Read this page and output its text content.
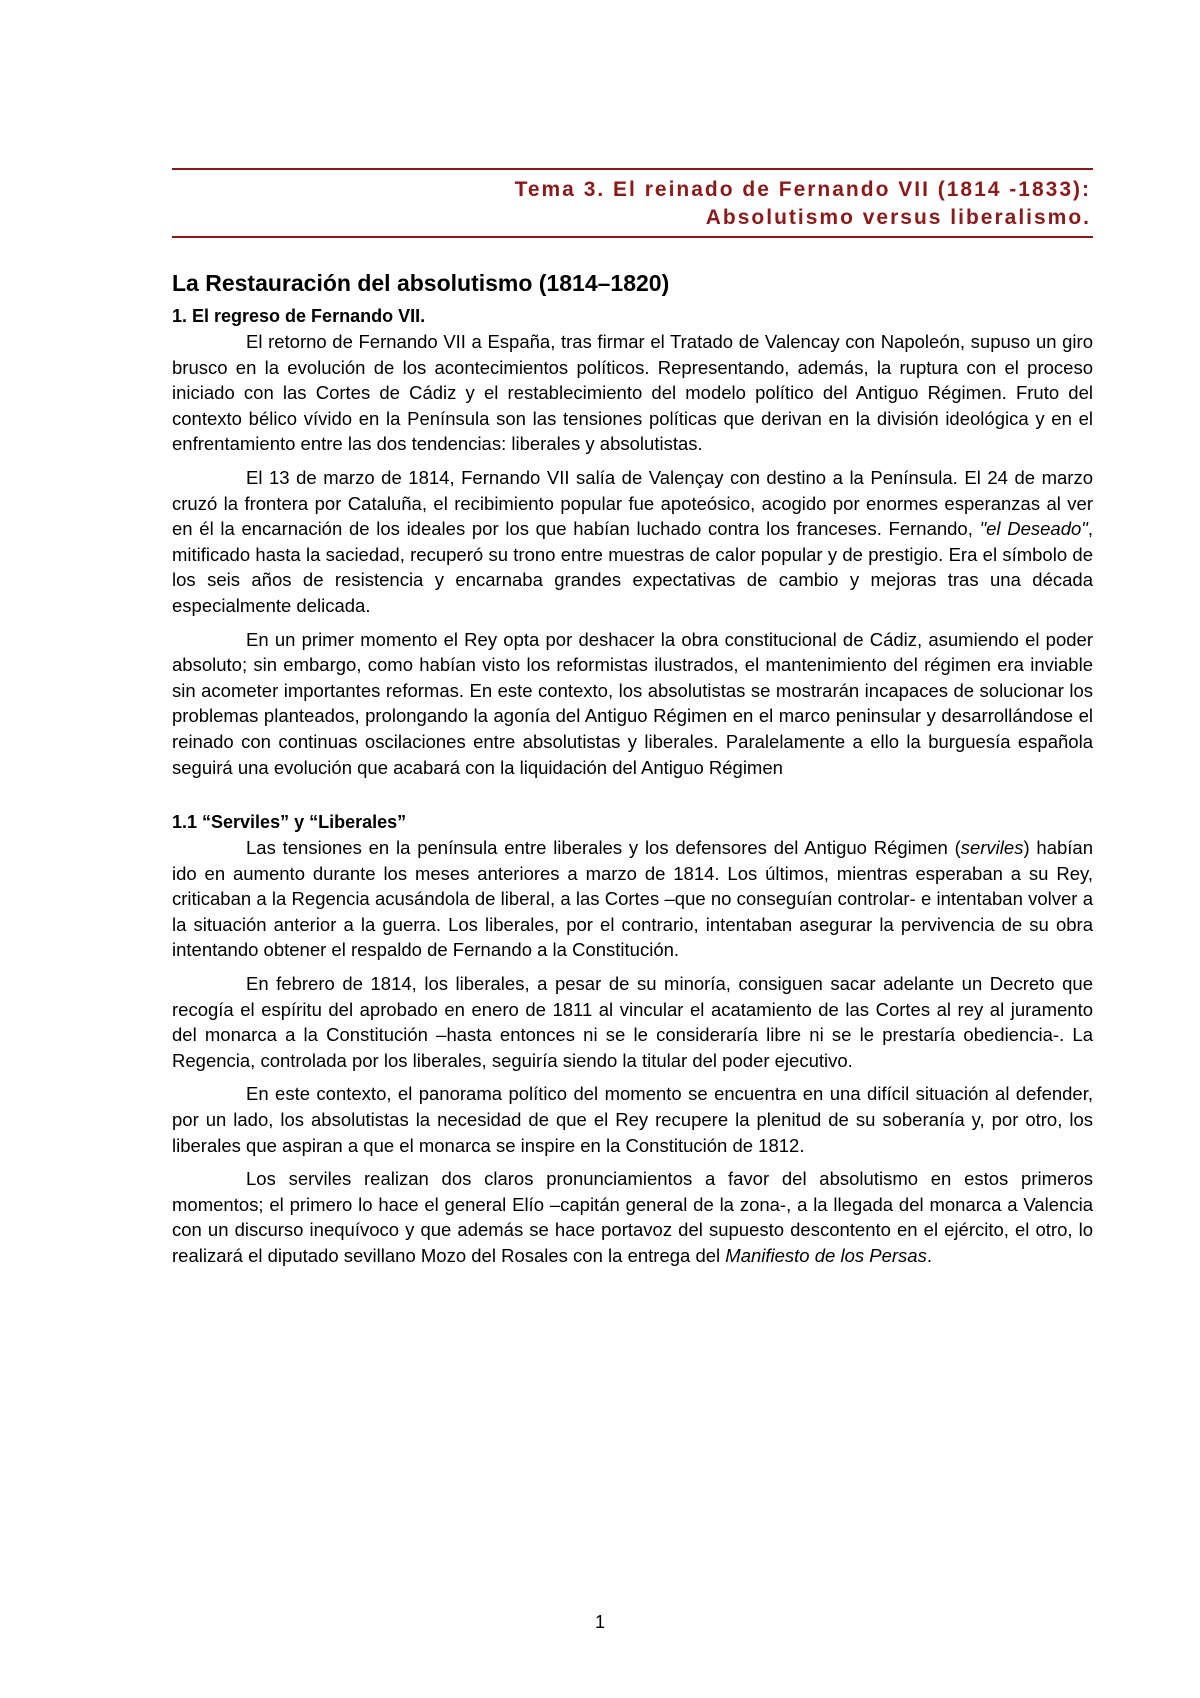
Tema 3. El reinado de Fernando VII (1814 -1833):
Absolutismo versus liberalismo.
La Restauración del absolutismo (1814–1820)
1. El regreso de Fernando VII.

El retorno de Fernando VII a España, tras firmar el Tratado de Valencay con Napoleón, supuso un giro brusco en la evolución de los acontecimientos políticos. Representando, además, la ruptura con el proceso iniciado con las Cortes de Cádiz y el restablecimiento del modelo político del Antiguo Régimen. Fruto del contexto bélico vívido en la Península son las tensiones políticas que derivan en la división ideológica y en el enfrentamiento entre las dos tendencias: liberales y absolutistas.

El 13 de marzo de 1814, Fernando VII salía de Valençay con destino a la Península. El 24 de marzo cruzó la frontera por Cataluña, el recibimiento popular fue apoteósico, acogido por enormes esperanzas al ver en él la encarnación de los ideales por los que habían luchado contra los franceses. Fernando, "el Deseado", mitificado hasta la saciedad, recuperó su trono entre muestras de calor popular y de prestigio. Era el símbolo de los seis años de resistencia y encarnaba grandes expectativas de cambio y mejoras tras una década especialmente delicada.

En un primer momento el Rey opta por deshacer la obra constitucional de Cádiz, asumiendo el poder absoluto; sin embargo, como habían visto los reformistas ilustrados, el mantenimiento del régimen era inviable sin acometer importantes reformas. En este contexto, los absolutistas se mostrarán incapaces de solucionar los problemas planteados, prolongando la agonía del Antiguo Régimen en el marco peninsular y desarrollándose el reinado con continuas oscilaciones entre absolutistas y liberales. Paralelamente a ello la burguesía española seguirá una evolución que acabará con la liquidación del Antiguo Régimen

1.1 “Serviles” y “Liberales”

Las tensiones en la península entre liberales y los defensores del Antiguo Régimen (serviles) habían ido en aumento durante los meses anteriores a marzo de 1814. Los últimos, mientras esperaban a su Rey, criticaban a la Regencia acusándola de liberal, a las Cortes –que no conseguían controlar- e intentaban volver a la situación anterior a la guerra. Los liberales, por el contrario, intentaban asegurar la pervivencia de su obra intentando obtener el respaldo de Fernando a la Constitución.

En febrero de 1814, los liberales, a pesar de su minoría, consiguen sacar adelante un Decreto que recogía el espíritu del aprobado en enero de 1811 al vincular el acatamiento de las Cortes al rey al juramento del monarca a la Constitución –hasta entonces ni se le consideraría libre ni se le prestaría obediencia-. La Regencia, controlada por los liberales, seguiría siendo la titular del poder ejecutivo.

En este contexto, el panorama político del momento se encuentra en una difícil situación al defender, por un lado, los absolutistas la necesidad de que el Rey recupere la plenitud de su soberanía y, por otro, los liberales que aspiran a que el monarca se inspire en la Constitución de 1812.

Los serviles realizan dos claros pronunciamientos a favor del absolutismo en estos primeros momentos; el primero lo hace el general Elío –capitán general de la zona-, a la llegada del monarca a Valencia con un discurso inequívoco y que además se hace portavoz del supuesto descontento en el ejército, el otro, lo realizará el diputado sevillano Mozo del Rosales con la entrega del Manifiesto de los Persas.

1
